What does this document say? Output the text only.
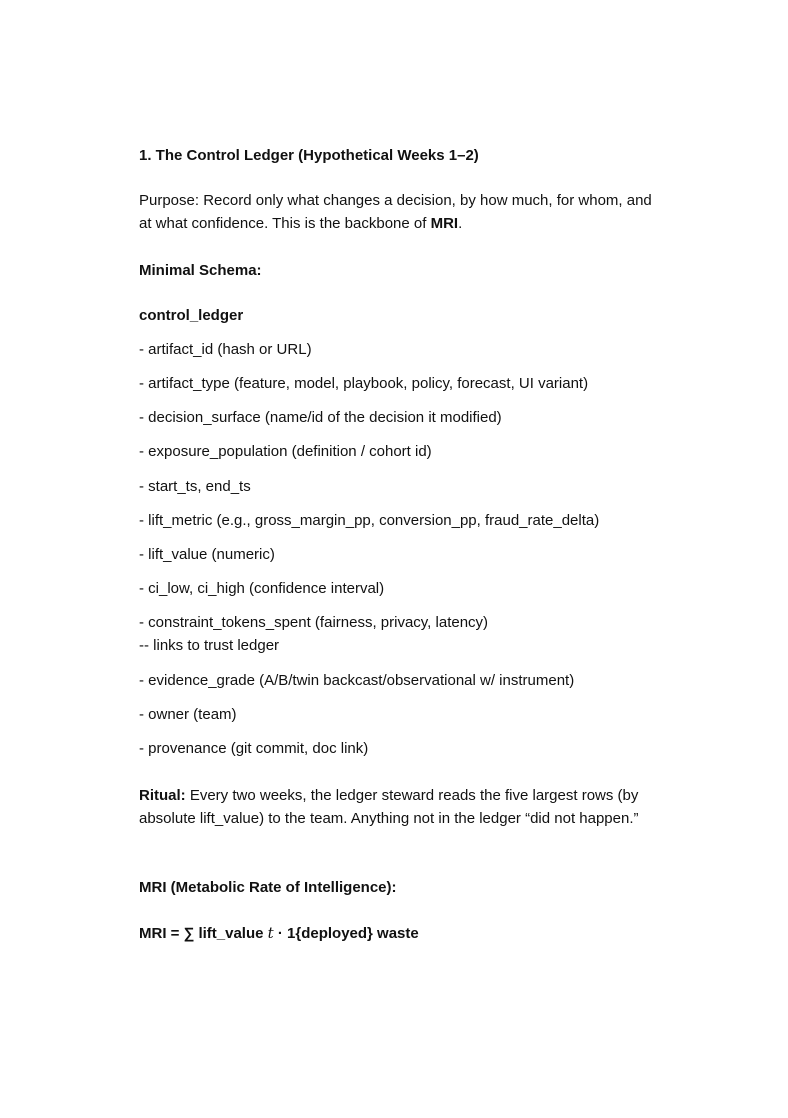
1. The Control Ledger (Hypothetical Weeks 1–2)

Purpose: Record only what changes a decision, by how much, for whom, and at what confidence. This is the backbone of MRI.

Minimal Schema:

control_ledger

- artifact_id (hash or URL)

- artifact_type (feature, model, playbook, policy, forecast, UI variant)

- decision_surface (name/id of the decision it modified)

- exposure_population (definition / cohort id)

- start_ts, end_ts

- lift_metric (e.g., gross_margin_pp, conversion_pp, fraud_rate_delta)

- lift_value (numeric)

- ci_low, ci_high (confidence interval)

- constraint_tokens_spent (fairness, privacy, latency)

-- links to trust ledger

- evidence_grade (A/B/twin backcast/observational w/ instrument)

- owner (team)

- provenance (git commit, doc link)

Ritual: Every two weeks, the ledger steward reads the five largest rows (by absolute lift_value) to the team. Anything not in the ledger “did not happen.”

MRI (Metabolic Rate of Intelligence):

MRI = ∑ lift_value t · 1{deployed} waste
